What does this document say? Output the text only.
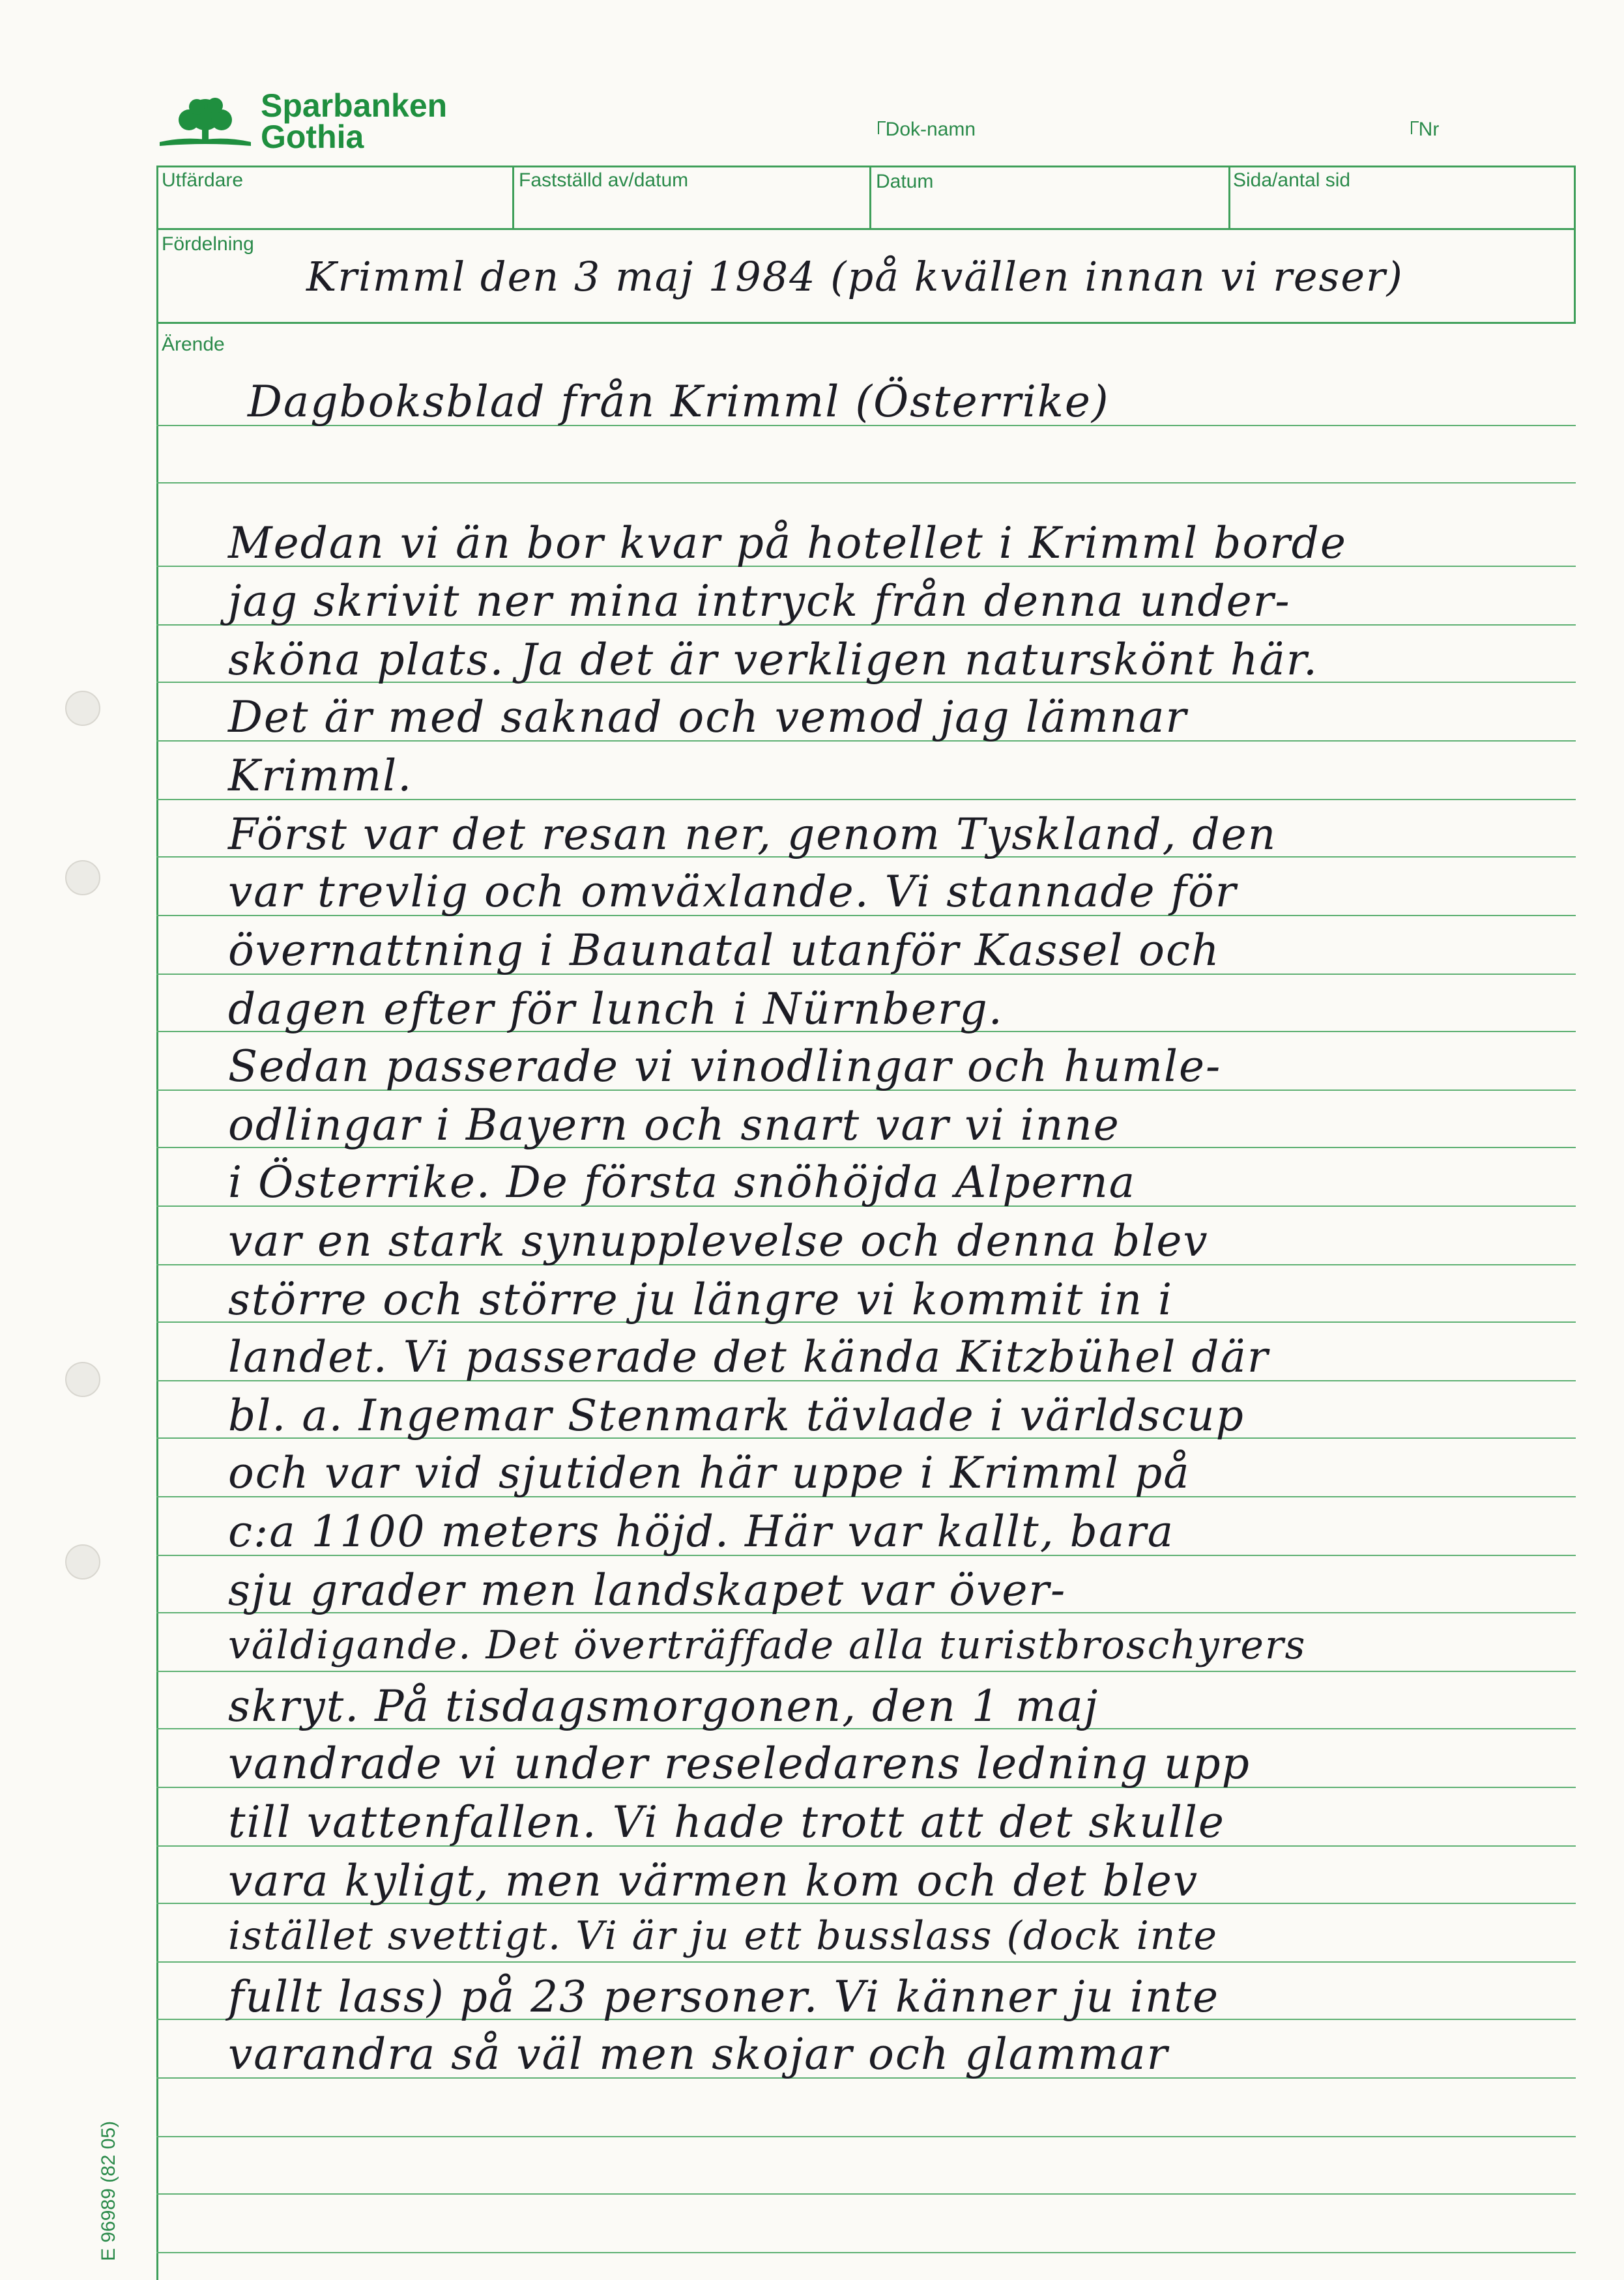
Sparbanken
Gothia	Dok-namn	Nr

Utfärdare	Fastställd av/datum	Datum	Sida/antal sid
Fördelning
Ärende
E 96989 (82 05)
Krimml den 3 maj 1984 (på kvällen innan vi reser)
Dagboksblad från Krimml (Österrike)
Medan vi än bor kvar på hotellet i Krimml borde
jag skrivit ner mina intryck från denna under-
sköna plats. Ja det är verkligen naturskönt här.
Det är med saknad och vemod jag lämnar
Krimml.
Först var det resan ner, genom Tyskland, den
var trevlig och omväxlande. Vi stannade för
övernattning i Baunatal utanför Kassel och
dagen efter för lunch i Nürnberg.
Sedan passerade vi vinodlingar och humle-
odlingar i Bayern och snart var vi inne
i Österrike. De första snöhöjda Alperna
var en stark synupplevelse och denna blev
större och större ju längre vi kommit in i
landet. Vi passerade det kända Kitzbühel där
bl. a. Ingemar Stenmark tävlade i världscup
och var vid sjutiden här uppe i Krimml på
c:a 1100 meters höjd. Här var kallt, bara
sju grader men landskapet var över-
väldigande. Det överträffade alla turistbroschyrers
skryt. På tisdagsmorgonen, den 1 maj
vandrade vi under reseledarens ledning upp
till vattenfallen. Vi hade trott att det skulle
vara kyligt, men värmen kom och det blev
istället svettigt. Vi är ju ett busslass (dock inte
fullt lass) på 23 personer. Vi känner ju inte
varandra så väl men skojar och glammar
